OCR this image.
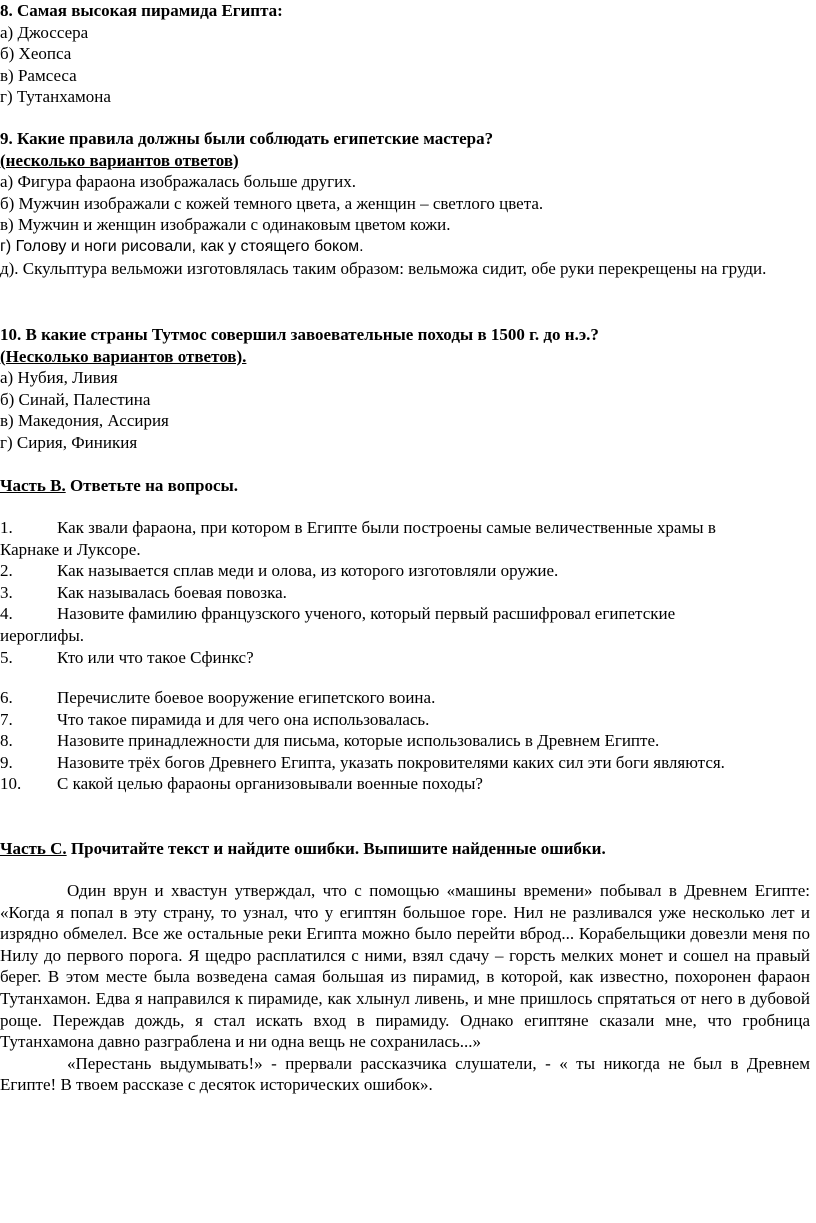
8. Самая высокая пирамида Египта:
а) Джоссера
б) Хеопса
в) Рамсеса
г) Тутанхамона
9. Какие правила должны были соблюдать египетские мастера?
(несколько вариантов ответов)
а) Фигура фараона изображалась больше других.
б) Мужчин изображали с кожей темного цвета, а женщин – светлого цвета.
в) Мужчин и женщин изображали с одинаковым цветом кожи.
г) Голову и ноги рисовали, как у стоящего боком.
д). Скульптура вельможи изготовлялась таким образом: вельможа сидит, обе руки перекрещены на груди.
10. В какие страны Тутмос совершил завоевательные походы в 1500 г. до н.э.?
(Несколько вариантов ответов).
а) Нубия, Ливия
б) Синай, Палестина
в) Македония, Ассирия
г) Сирия, Финикия
Часть В. Ответьте на вопросы.
1.	Как звали фараона, при котором в Египте были построены самые величественные храмы в
Карнаке и Луксоре.
2.	Как называется сплав меди и олова, из которого изготовляли оружие.
3.	Как называлась боевая повозка.
4.	Назовите фамилию французского ученого, который первый расшифровал египетские
иероглифы.
5.	Кто или что такое Сфинкс?
6.	Перечислите боевое вооружение египетского воина.
7.	Что такое пирамида и для чего она использовалась.
8.	Назовите принадлежности для письма, которые использовались в Древнем Египте.
9.	Назовите трёх богов Древнего Египта, указать покровителями каких сил эти боги являются.
10.	С какой целью фараоны организовывали военные походы?
Часть С. Прочитайте текст и найдите ошибки. Выпишите найденные ошибки.

Один врун и хвастун утверждал, что с помощью «машины времени» побывал в Древнем Египте: «Когда я попал в эту страну, то узнал, что у египтян большое горе. Нил не разливался уже несколько лет и изрядно обмелел. Все же остальные реки Египта можно было перейти вброд... Корабельщики довезли меня по Нилу до первого порога. Я щедро расплатился с ними, взял сдачу – горсть мелких монет и сошел на правый берег. В этом месте была возведена самая большая из пирамид, в которой, как известно, похоронен фараон Тутанхамон. Едва я направился к пирамиде, как хлынул ливень, и мне пришлось спрятаться от него в дубовой роще. Переждав дождь, я стал искать вход в пирамиду. Однако египтяне сказали мне, что гробница Тутанхамона давно разграблена и ни одна вещь не сохранилась...»

«Перестань выдумывать!» - прервали рассказчика слушатели, - « ты никогда не был в Древнем Египте! В твоем рассказе с десяток исторических ошибок».
